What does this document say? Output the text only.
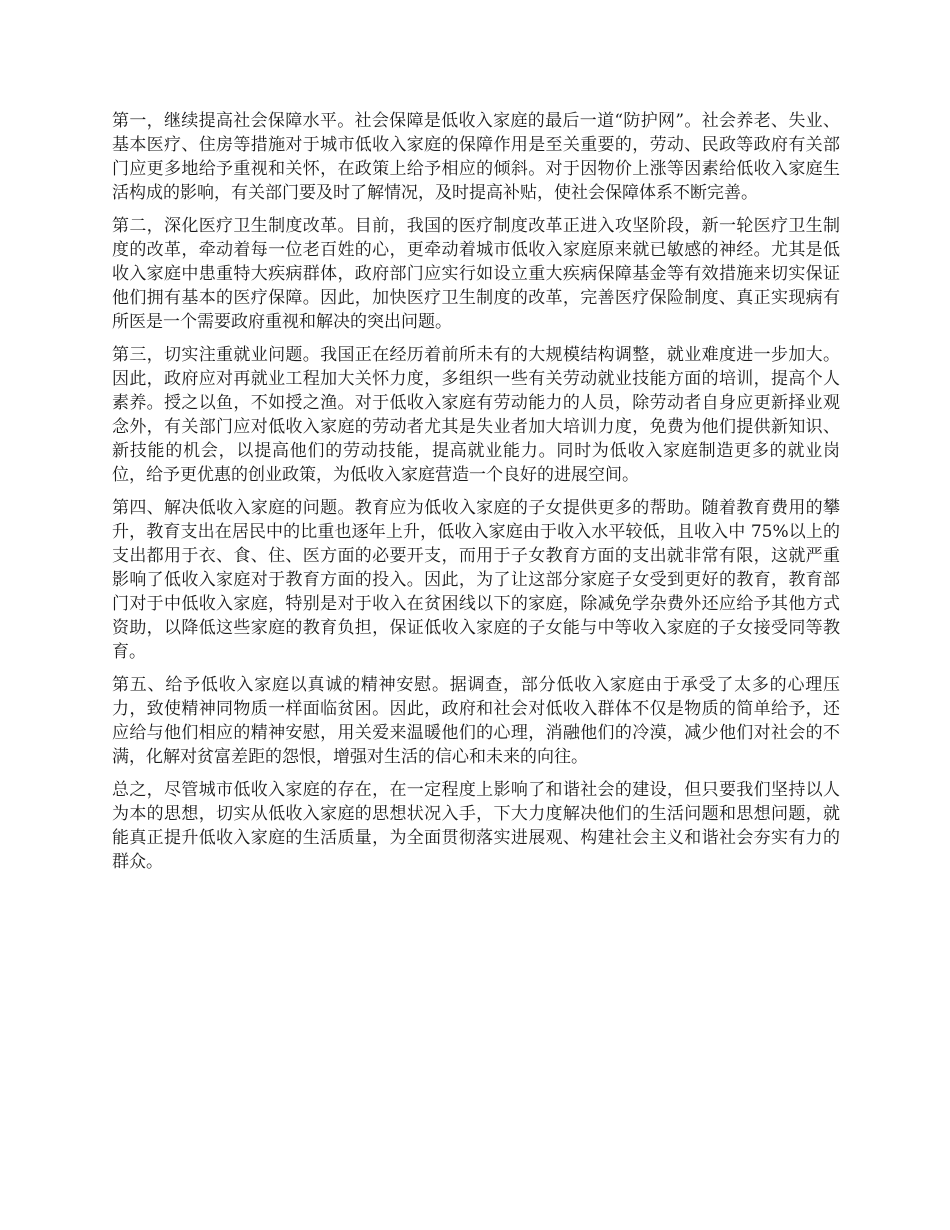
第一，继续提高社会保障水平。社会保障是低收入家庭的最后一道“防护网”。社会养老、失业、基本医疗、住房等措施对于城市低收入家庭的保障作用是至关重要的，劳动、民政等政府有关部门应更多地给予重视和关怀，在政策上给予相应的倾斜。对于因物价上涨等因素给低收入家庭生活构成的影响，有关部门要及时了解情况，及时提高补贴，使社会保障体系不断完善。

第二，深化医疗卫生制度改革。目前，我国的医疗制度改革正进入攻坚阶段，新一轮医疗卫生制度的改革，牵动着每一位老百姓的心，更牵动着城市低收入家庭原来就已敏感的神经。尤其是低收入家庭中患重特大疾病群体，政府部门应实行如设立重大疾病保障基金等有效措施来切实保证他们拥有基本的医疗保障。因此，加快医疗卫生制度的改革，完善医疗保险制度、真正实现病有所医是一个需要政府重视和解决的突出问题。

第三，切实注重就业问题。我国正在经历着前所未有的大规模结构调整，就业难度进一步加大。因此，政府应对再就业工程加大关怀力度，多组织一些有关劳动就业技能方面的培训，提高个人素养。授之以鱼，不如授之渔。对于低收入家庭有劳动能力的人员，除劳动者自身应更新择业观念外，有关部门应对低收入家庭的劳动者尤其是失业者加大培训力度，免费为他们提供新知识、新技能的机会，以提高他们的劳动技能，提高就业能力。同时为低收入家庭制造更多的就业岗位，给予更优惠的创业政策，为低收入家庭营造一个良好的进展空间。

第四、解决低收入家庭的问题。教育应为低收入家庭的子女提供更多的帮助。随着教育费用的攀升，教育支出在居民中的比重也逐年上升，低收入家庭由于收入水平较低，且收入中 75%以上的支出都用于衣、食、住、医方面的必要开支，而用于子女教育方面的支出就非常有限，这就严重影响了低收入家庭对于教育方面的投入。因此，为了让这部分家庭子女受到更好的教育，教育部门对于中低收入家庭，特别是对于收入在贫困线以下的家庭，除减免学杂费外还应给予其他方式资助，以降低这些家庭的教育负担，保证低收入家庭的子女能与中等收入家庭的子女接受同等教育。

第五、给予低收入家庭以真诚的精神安慰。据调查，部分低收入家庭由于承受了太多的心理压力，致使精神同物质一样面临贫困。因此，政府和社会对低收入群体不仅是物质的简单给予，还应给与他们相应的精神安慰，用关爱来温暖他们的心理，消融他们的冷漠，减少他们对社会的不满，化解对贫富差距的怨恨，增强对生活的信心和未来的向往。

总之，尽管城市低收入家庭的存在，在一定程度上影响了和谐社会的建设，但只要我们坚持以人为本的思想，切实从低收入家庭的思想状况入手，下大力度解决他们的生活问题和思想问题，就能真正提升低收入家庭的生活质量，为全面贯彻落实进展观、构建社会主义和谐社会夯实有力的群众。
